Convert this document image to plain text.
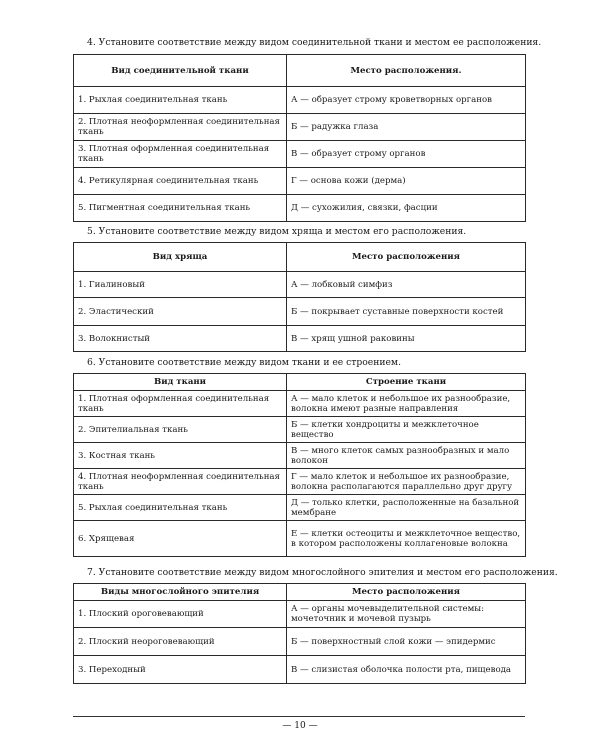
4. Установите соответствие между видом соединительной ткани и местом ее расположения.
Вид соединительной ткани	Место расположения.
1. Рыхлая соединительная ткань	А — образует строму кроветворных органов
2. Плотная неоформленная соединительная ткань	Б — радужка глаза
3. Плотная оформленная соединительная ткань	В — образует строму органов
4. Ретикулярная соединительная ткань	Г — основа кожи (дерма)
5. Пигментная соединительная ткань	Д — сухожилия, связки, фасции
5. Установите соответствие между видом хряща и местом его расположения.
Вид хряща	Место расположения
1. Гиалиновый	А — лобковый симфиз
2. Эластический	Б — покрывает суставные поверхности костей
3. Волокнистый	В — хрящ ушной раковины
6. Установите соответствие между видом ткани и ее строением.
Вид ткани	Строение ткани
1. Плотная оформленная соединительная ткань	А — мало клеток и небольшое их разнообразие, волокна имеют разные направления
2. Эпителиальная ткань	Б — клетки хондроциты и межклеточное вещество
3. Костная ткань	В — много клеток самых разнообразных и мало волокон
4. Плотная неоформленная соединительная ткань	Г — мало клеток и небольшое их разнообразие, волокна располагаются параллельно друг другу
5. Рыхлая соединительная ткань	Д — только клетки, расположенные на базальной мембране
6. Хрящевая	Е — клетки остеоциты и межклеточное вещество, в котором расположены коллагеновые волокна
7. Установите соответствие между видом многослойного эпителия и местом его расположения.
Виды многослойного эпителия	Место расположения
1. Плоский ороговевающий	А — органы мочевыделительной системы: мочеточник и мочевой пузырь
2. Плоский неороговевающий	Б — поверхностный слой кожи — эпидермис
3. Переходный	В — слизистая оболочка полости рта, пищевода
— 10 —
